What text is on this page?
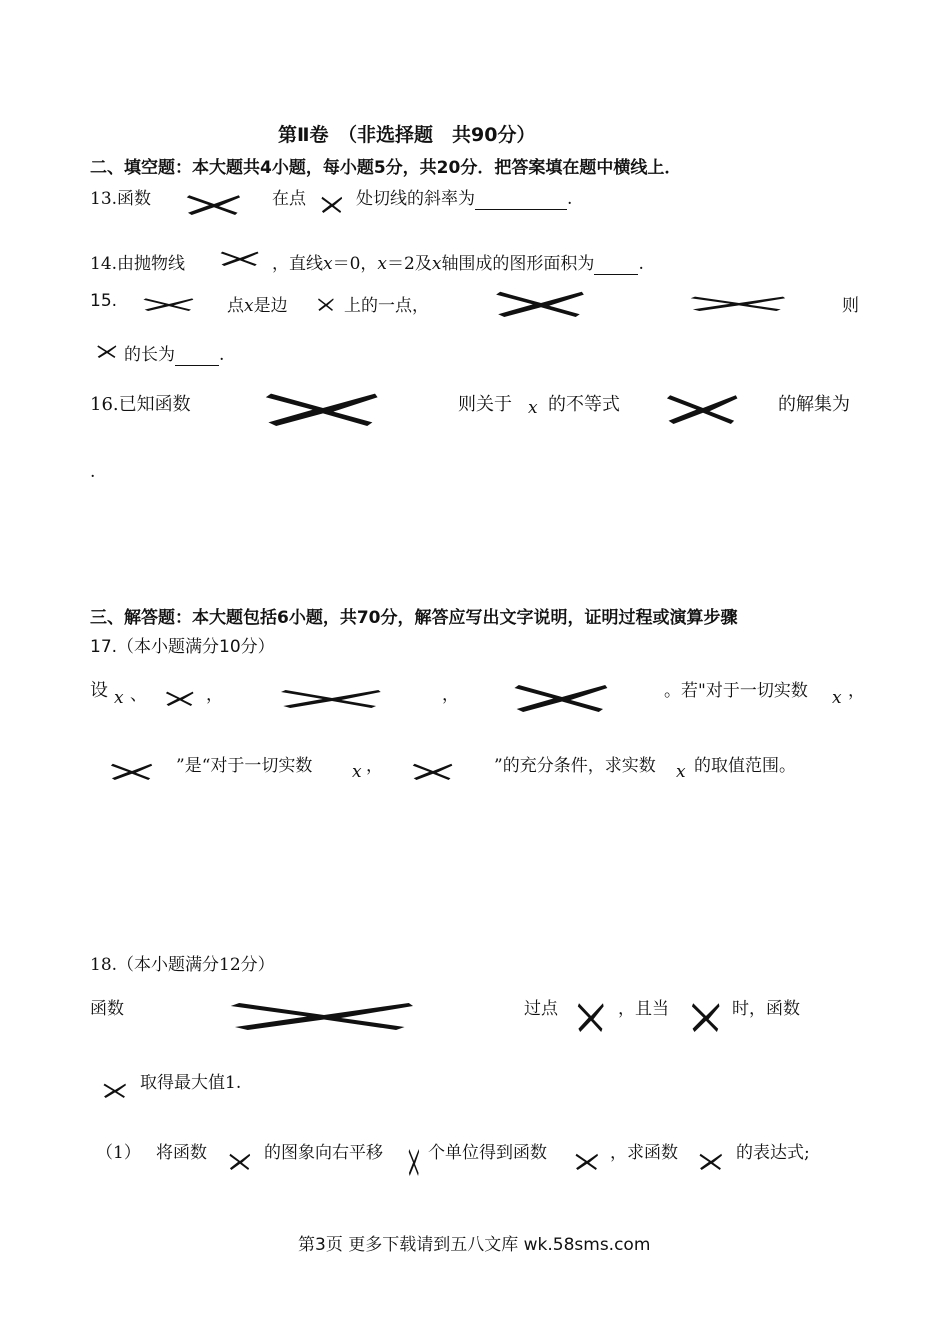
第Ⅱ卷　（非选择题　共90分）
二、填空题：本大题共4小题，每小题5分，共20分．把答案填在题中横线上．
13.函数	在点	处切线的斜率为	.
14.由抛物线	，直线x＝0，x＝2及x轴围成的图形面积为	.
15.	点x是边	上的一点，	则
的长为	.
16.已知函数	则关于 x 的不等式	的解集为
.
三、解答题：本大题包括6小题，共70分，解答应写出文字说明，证明过程或演算步骤
17.（本小题满分10分）
设 x 、	，	，	。若"对于一切实数 x ，
”是“对于一切实数 x ，	”的充分条件，求实数 x 的取值范围。
18.（本小题满分12分）
函数	过点	，且当	时，函数
取得最大值1.
（1） 将函数	的图象向右平移	个单位得到函数	，求函数	的表达式;
第3页 更多下载请到五八文库 wk.58sms.com
